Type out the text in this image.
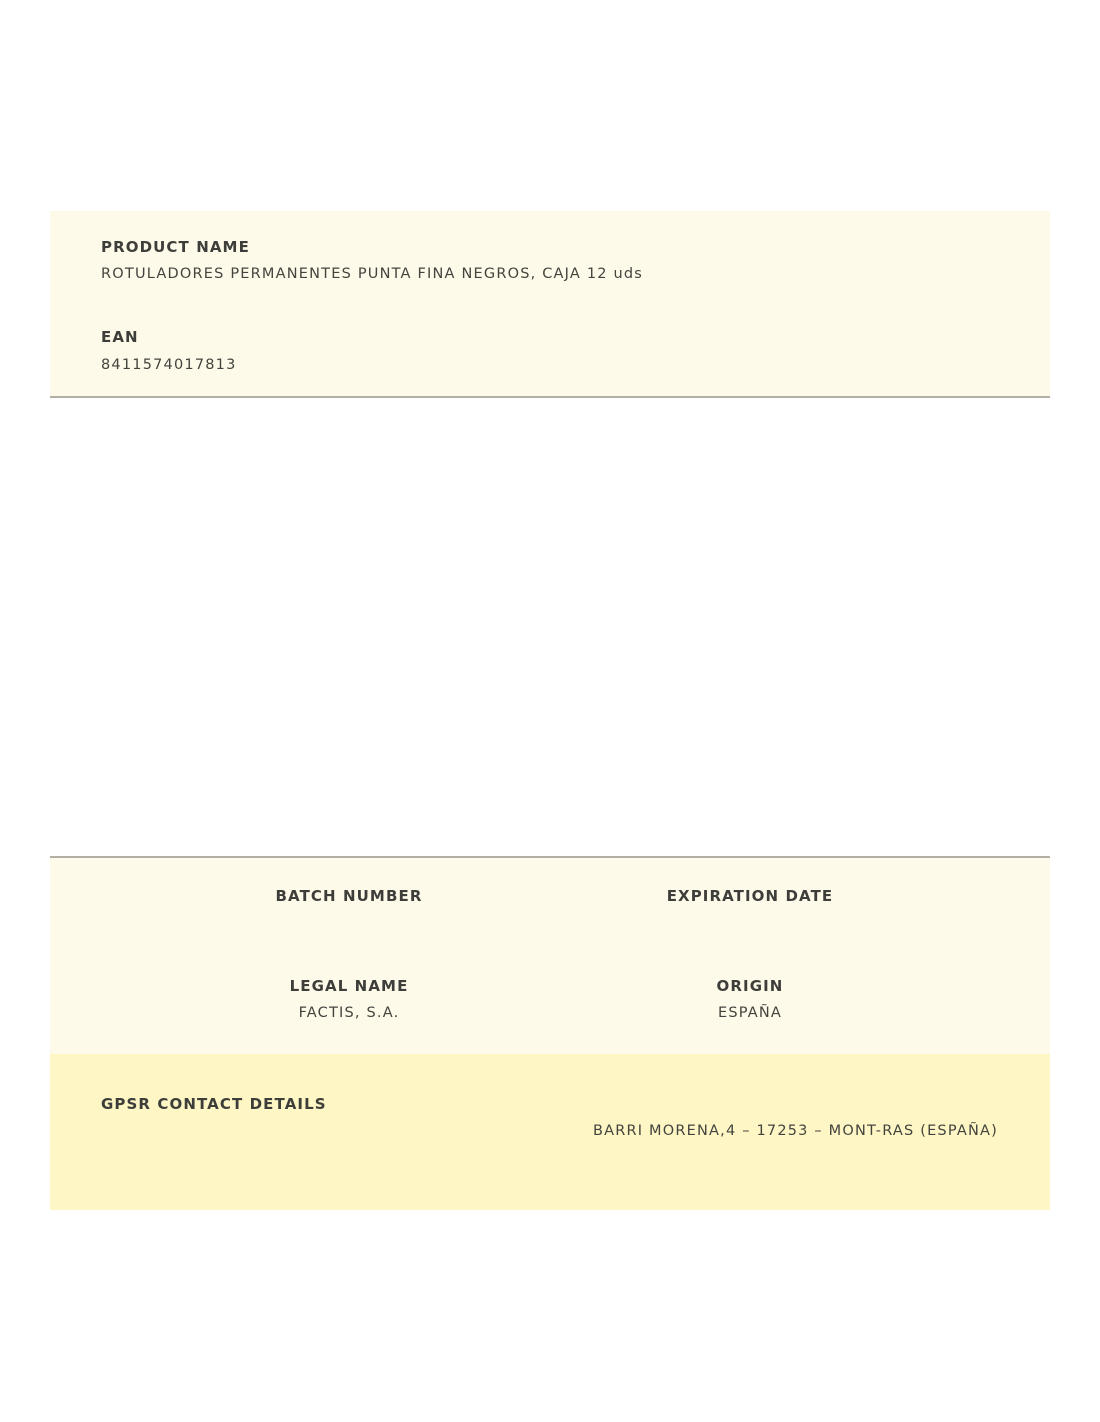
PRODUCT NAME
ROTULADORES PERMANENTES PUNTA FINA NEGROS, CAJA 12 uds
EAN
8411574017813
BATCH NUMBER	EXPIRATION DATE
LEGAL NAME	ORIGIN
FACTIS, S.A.	ESPAÑA
GPSR CONTACT DETAILS
BARRI MORENA,4 – 17253 – MONT-RAS (ESPAÑA)
